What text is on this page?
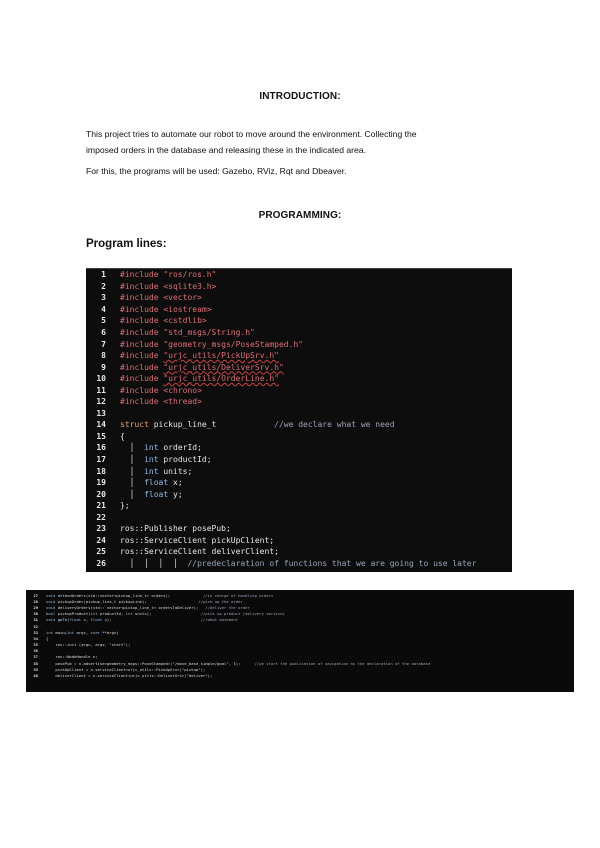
INTRODUCTION:
This project tries to automate our robot to move around the environment. Collecting the
imposed orders in the database and releasing these in the indicated area.
For this, the programs will be used: Gazebo, RViz, Rqt and Dbeaver.
PROGRAMMING:
Program lines:
1	#include "ros/ros.h"
2	#include <sqlite3.h>
3	#include <vector>
4	#include <iostream>
5	#include <cstdlib>
6	#include "std_msgs/String.h"
7	#include "geometry_msgs/PoseStamped.h"
8	#include "urjc_utils/PickUpSrv.h"
9	#include "urjc_utils/DeliverSrv.h"
10	#include "urjc_utils/OrderLine.h"
11	#include <chrono>
12	#include <thread>
13
14	struct pickup_line_t            //we declare what we need
15	{
16	│  int orderId;
17	│  int productId;
18	│  int units;
19	│  float x;
20	│  float y;
21	};
22
23	ros::Publisher posePub;
24	ros::ServiceClient pickUpClient;
25	ros::ServiceClient deliverClient;
26	│  │  │  │  //predeclaration of functions that we are going to use later
27	void attendOrders(std::vector<pickup_line_t> orders);              //in charge of handling orders
28	void pickupOrder(pickup_line_t pickupLine);                      //pick up the order
29	void deliveryOrders(std:: vector<pickup_line_t> ordersToDeliver);   //deliver the order
30	bool pickupProduct(int productId, int units);                     //pick up product (delivery service)
31	void goTo(float x, float y);                                      //robot movement
32
33	int main(int argc, char **argv)
34	{
35	ros::init (argc, argv, "start");
36
37	ros::NodeHandle n;
38	posePub = n.advertise<geometry_msgs::PoseStamped>("/move_base_simple/goal", 1);      //we start the publication of navigation as the declaration of the database
39	pickUpClient = n.serviceClient<urjc_utils::PickUpSrv>("pickup");
40	deliverClient = n.serviceClient<urjc_utils::DeliverSrv>("deliver");
